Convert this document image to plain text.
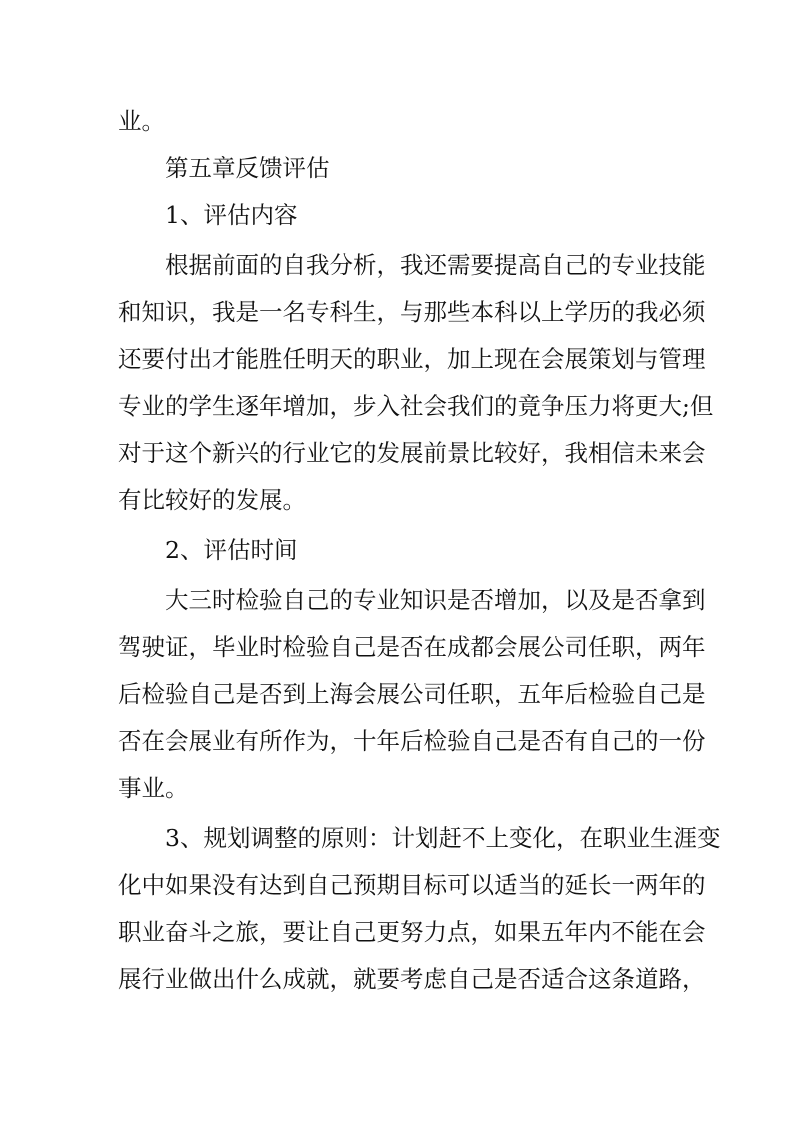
业。
第五章反馈评估
1、评估内容
根据前面的自我分析，我还需要提高自己的专业技能
和知识，我是一名专科生，与那些本科以上学历的我必须
还要付出才能胜任明天的职业，加上现在会展策划与管理
专业的学生逐年增加，步入社会我们的竟争压力将更大;但
对于这个新兴的行业它的发展前景比较好，我相信未来会
有比较好的发展。
2、评估时间
大三时检验自己的专业知识是否增加，以及是否拿到
驾驶证，毕业时检验自己是否在成都会展公司任职，两年
后检验自己是否到上海会展公司任职，五年后检验自己是
否在会展业有所作为，十年后检验自己是否有自己的一份
事业。
3、规划调整的原则：计划赶不上变化，在职业生涯变
化中如果没有达到自己预期目标可以适当的延长一两年的
职业奋斗之旅，要让自己更努力点，如果五年内不能在会
展行业做出什么成就，就要考虑自己是否适合这条道路，
